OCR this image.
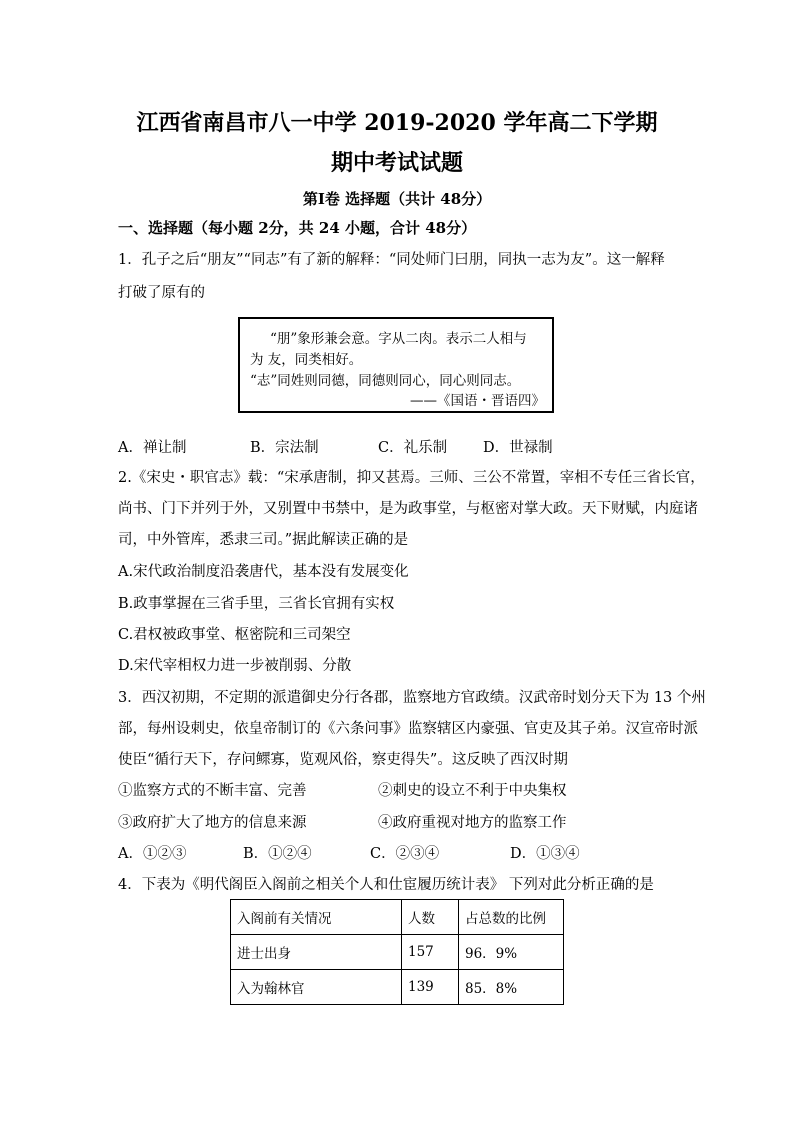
江西省南昌市八一中学 2019-2020 学年高二下学期
期中考试试题
第Ⅰ卷 选择题（共计 48分）
一、选择题（每小题 2分，共 24 小题，合计 48分）
1．孔子之后“朋友”“同志”有了新的解释：“同处师门曰朋，同执一志为友”。这一解释
打破了原有的
“朋”象形兼会意。字从二肉。表示二人相与
为 友，同类相好。
“志”同姓则同德，同德则同心，同心则同志。
——《国语・晋语四》
A．禅让制	B．宗法制	C．礼乐制 D．世禄制
2.《宋史・职官志》载：“宋承唐制，抑又甚焉。三师、三公不常置，宰相不专任三省长官，
尚书、门下并列于外，又别置中书禁中，是为政事堂，与枢密对掌大政。天下财赋，内庭诸
司，中外管库，悉隶三司。”据此解读正确的是
A.宋代政治制度沿袭唐代，基本没有发展变化
B.政事掌握在三省手里，三省长官拥有实权
C.君权被政事堂、枢密院和三司架空
D.宋代宰相权力进一步被削弱、分散
3．西汉初期，不定期的派遣御史分行各郡，监察地方官政绩。汉武帝时划分天下为 13 个州
部，每州设刺史，依皇帝制订的《六条问事》监察辖区内豪强、官吏及其子弟。汉宣帝时派
使臣“循行天下，存问鳏寡，览观风俗，察吏得失”。这反映了西汉时期
①监察方式的不断丰富、完善	②刺史的设立不利于中央集权
③政府扩大了地方的信息来源	④政府重视对地方的监察工作
A．①②③	B．①②④	C．②③④	D．①③④
4．下表为《明代阁臣入阁前之相关个人和仕宦履历统计表》 下列对此分析正确的是
入阁前有关情况	人数	占总数的比例
进士出身	157	96．9%
入为翰林官	139	85．8%
